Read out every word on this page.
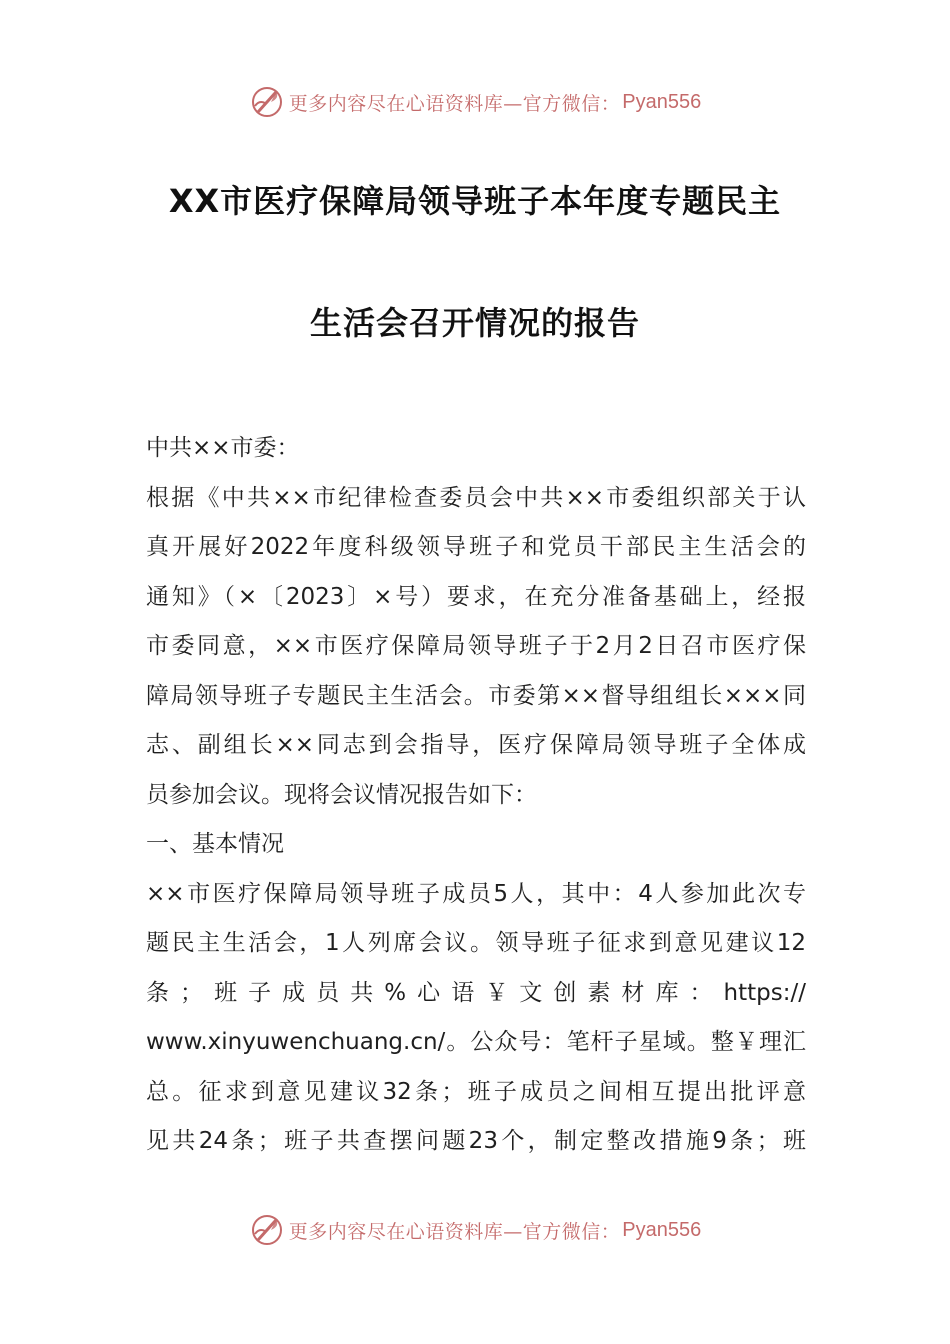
更多内容尽在心语资料库—官方微信： Pyan556
XX市医疗保障局领导班子本年度专题民主
生活会召开情况的报告
中共××市委：
根据《中共××市纪律检查委员会中共××市委组织部关于认
真开展好2022年度科级领导班子和党员干部民主生活会的
通知》（×〔2023〕×号）要求，在充分准备基础上，经报
市委同意，××市医疗保障局领导班子于2月2日召市医疗保
障局领导班子专题民主生活会。市委第××督导组组长×××同
志、副组长××同志到会指导，医疗保障局领导班子全体成
员参加会议。现将会议情况报告如下：
一、基本情况
××市医疗保障局领导班子成员5人，其中：4人参加此次专
题民主生活会，1人列席会议。领导班子征求到意见建议12
条；班子成员共%心语￥文创素材库：https://
www.xinyuwenchuang.cn/。公众号：笔杆子星域。整￥理汇
总。征求到意见建议32条；班子成员之间相互提出批评意
见共24条；班子共查摆问题23个，制定整改措施9条；班
更多内容尽在心语资料库—官方微信： Pyan556
